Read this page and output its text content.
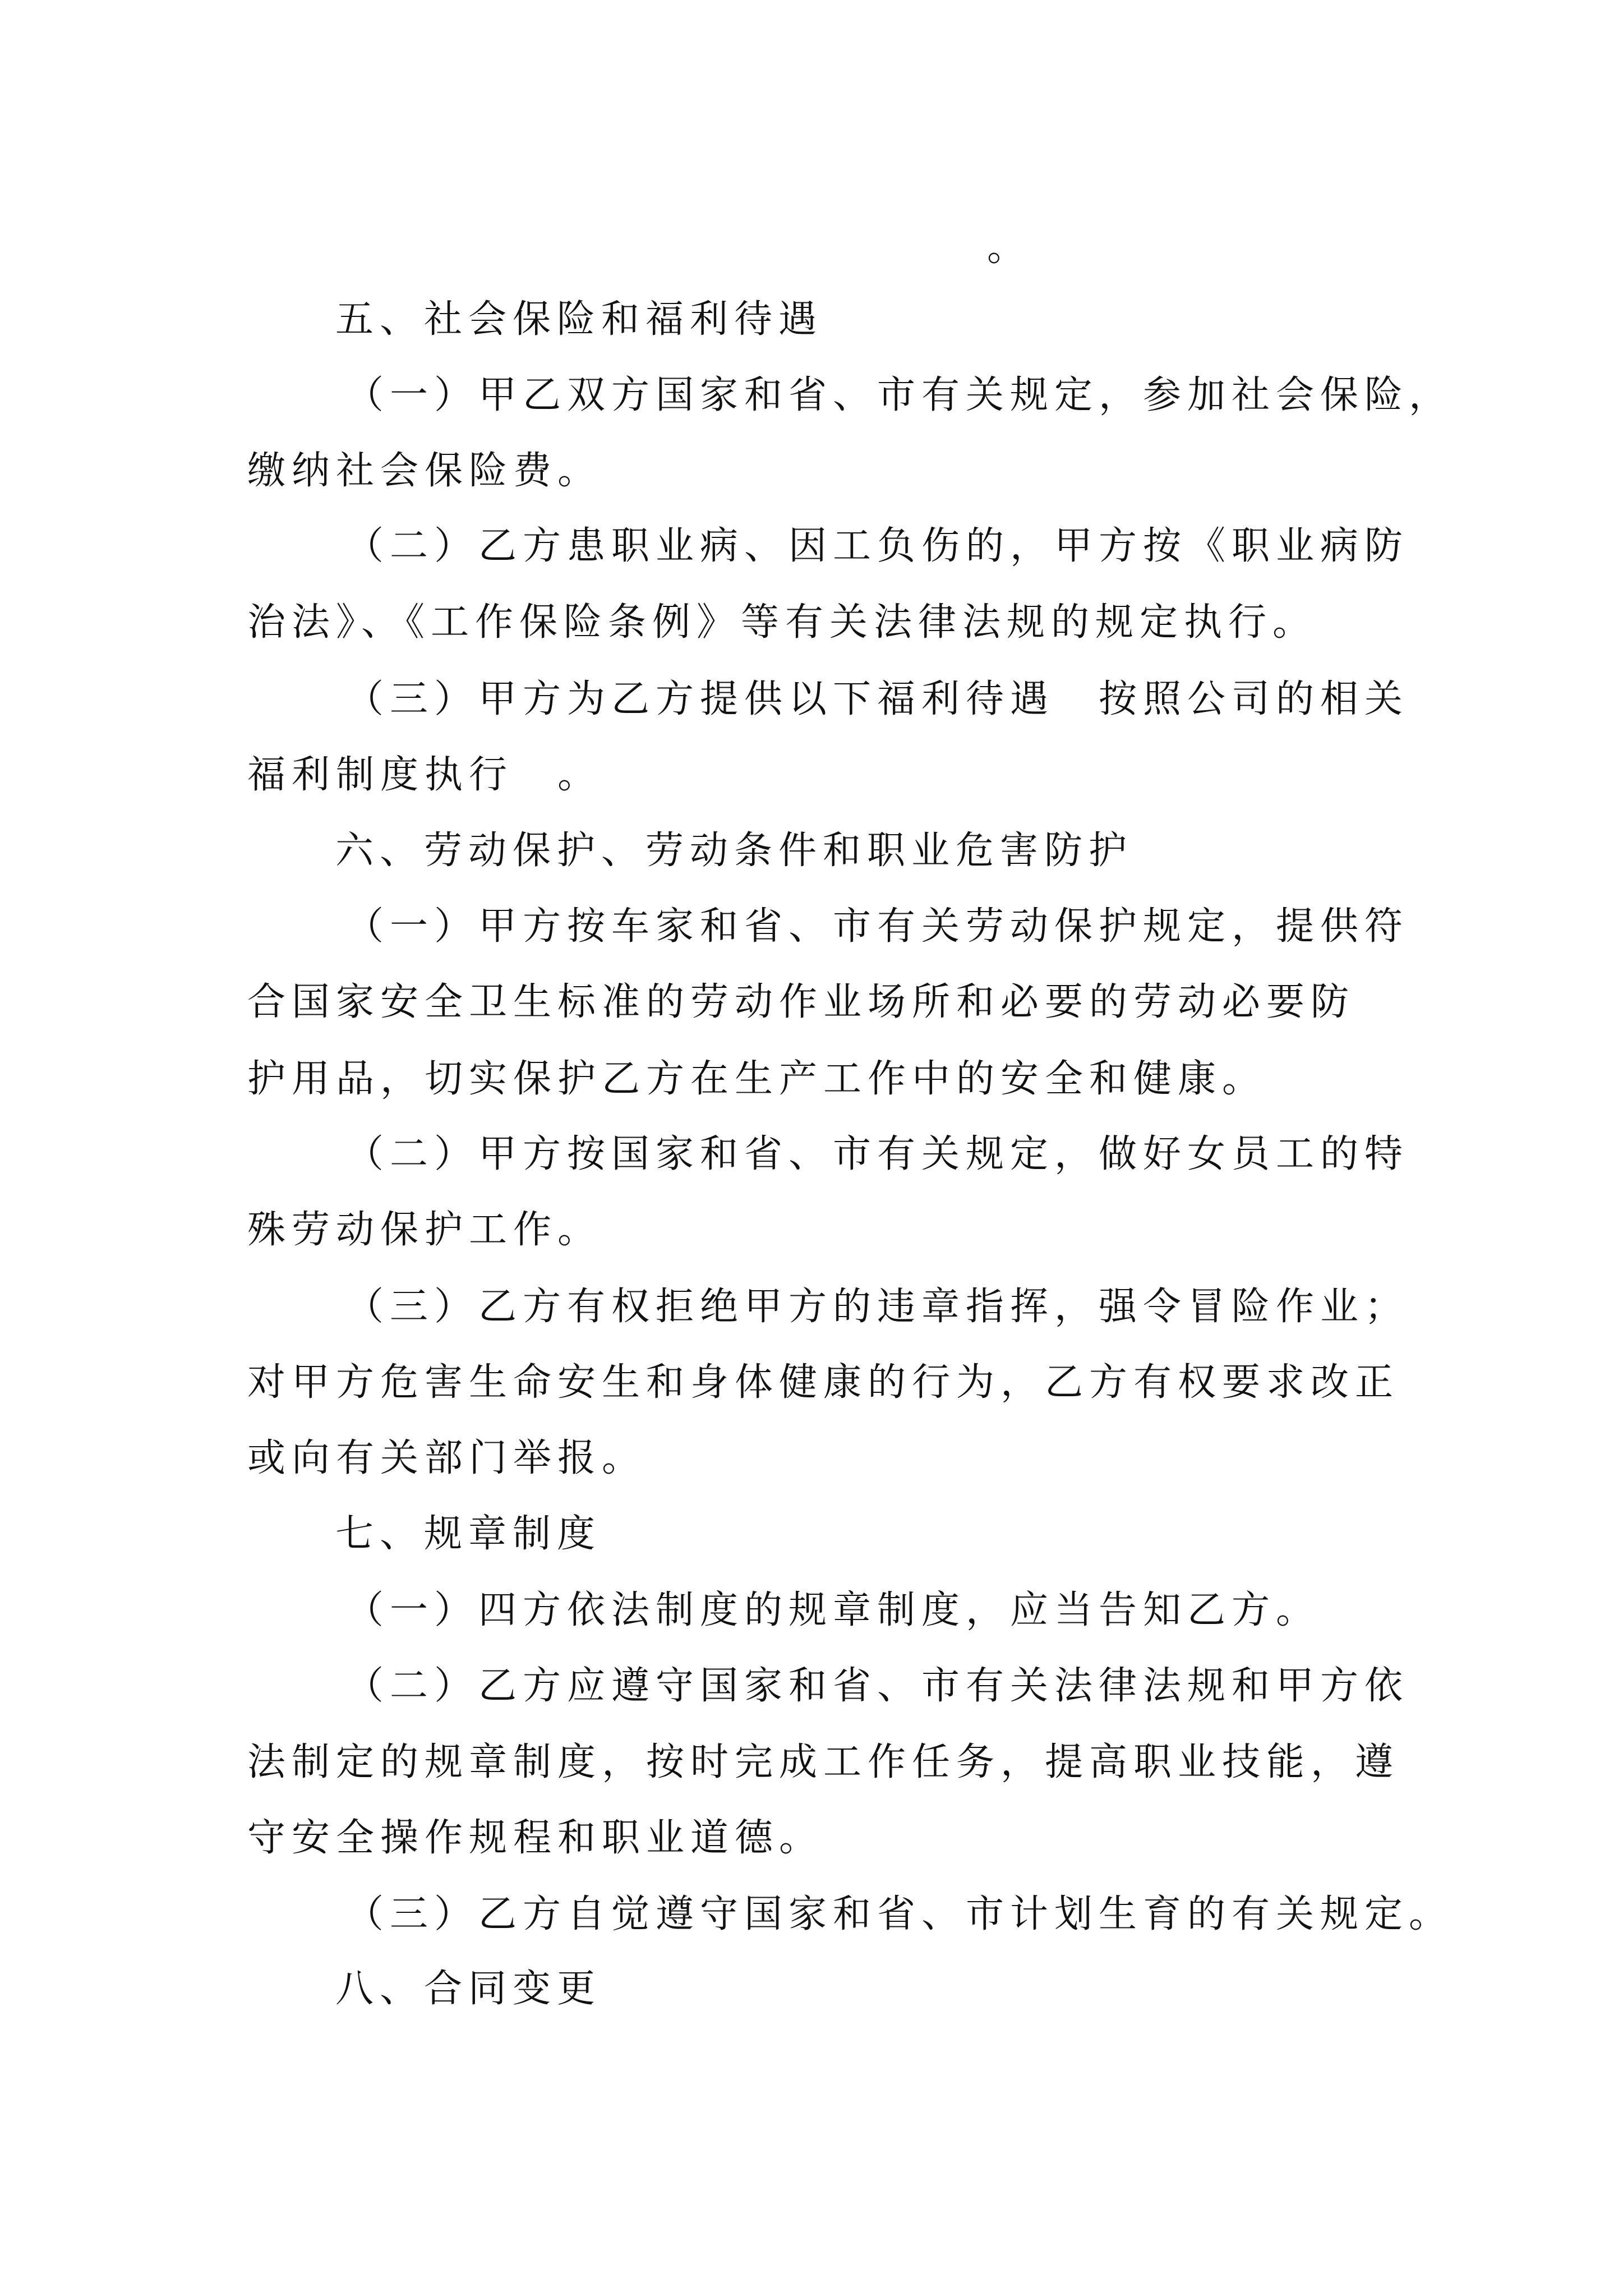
。
五、社会保险和福利待遇
（一）甲乙双方国家和省、市有关规定，参加社会保险，
缴纳社会保险费。
（二）乙方患职业病、因工负伤的，甲方按《职业病防
治法》、《工作保险条例》等有关法律法规的规定执行。
（三）甲方为乙方提供以下福利待遇　按照公司的相关
福利制度执行　。
六、劳动保护、劳动条件和职业危害防护
（一）甲方按车家和省、市有关劳动保护规定，提供符
合国家安全卫生标准的劳动作业场所和必要的劳动必要防
护用品，切实保护乙方在生产工作中的安全和健康。
（二）甲方按国家和省、市有关规定，做好女员工的特
殊劳动保护工作。
（三）乙方有权拒绝甲方的违章指挥，强令冒险作业；
对甲方危害生命安生和身体健康的行为，乙方有权要求改正
或向有关部门举报。
七、规章制度
（一）四方依法制度的规章制度，应当告知乙方。
（二）乙方应遵守国家和省、市有关法律法规和甲方依
法制定的规章制度，按时完成工作任务，提高职业技能，遵
守安全操作规程和职业道德。
（三）乙方自觉遵守国家和省、市计划生育的有关规定。
八、合同变更
